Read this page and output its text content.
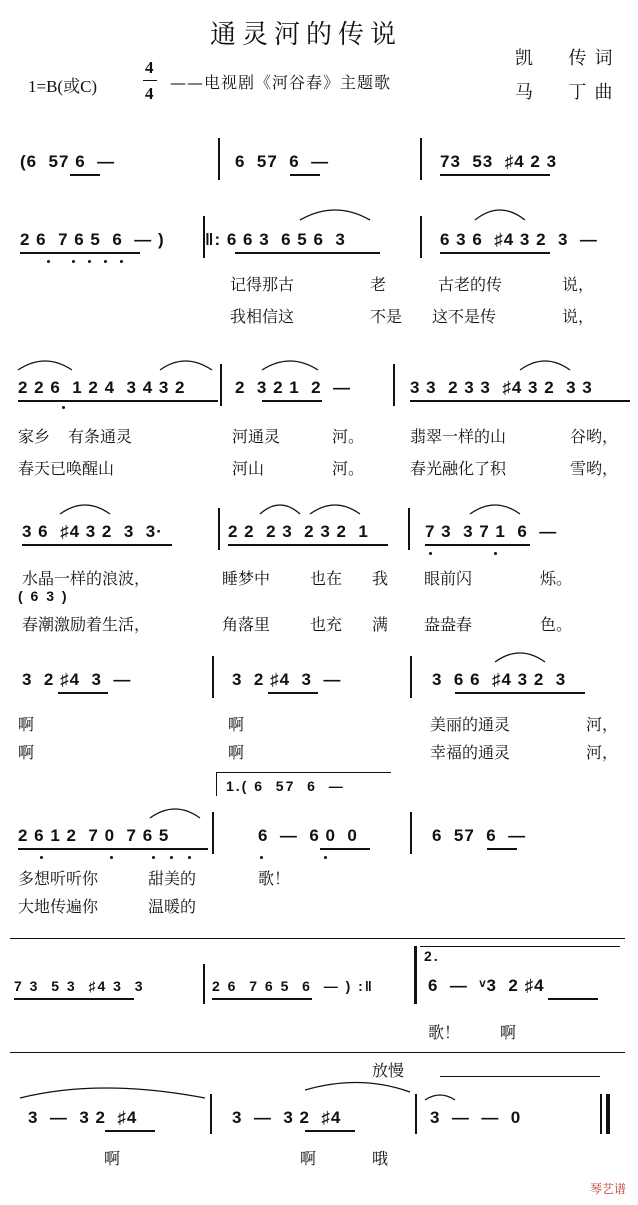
通灵河的传说
1=B(或C)
4
4
——电视剧《河谷春》主题歌
凯  传词
马  丁曲
(6  57 6  —	6  57  6  —	73  53  ♯4 2 3
2 6  7 6 5  6  — ) ‖: 6 6 3  6 5 6  3	6 3 6  ♯4 3 2  3  —
记得那古	老	古老的传	说，
我相信这	不是 这不是传	说，
2 2 6  1 2 4  3 4 3 2	2  3 2 1  2  —	3 3  2 3 3  ♯4 3 2  3 3
家乡 有条通灵	河通灵	河。	翡翠一样的山	谷哟，
春天已唤醒山	河山	河。	春光融化了积	雪哟，
3 6  ♯4 3 2  3  3·	2 2  2 3  2 3 2  1	7 3  3 7 1  6  —
水晶一样的浪波，	睡梦中 也在 我 眼前闪	烁。
( 6 3 )
春潮激励着生活，	角落里 也充 满 盎盎春	色。
3  2 ♯4  3  —	3  2 ♯4  3  —	3  6 6  ♯4 3 2  3
啊	啊	美丽的通灵	河，
啊	啊	幸福的通灵	河，
1.( 6  57  6  —
2 6 1 2  7 0  7 6 5	6  —  6 0  0	6  57  6  —
多想听听你	甜美的	歌！
大地传遍你	温暖的
7 3  5 3  ♯4 3  3	2 6  7 6 5  6  — ) :‖
2.
6  —  ᵛ3  2 ♯4
歌！ 啊
放慢
3  —  3 2  ♯4	3  —  3 2  ♯4	3  —  —  0
啊	啊	哦
琴艺谱
